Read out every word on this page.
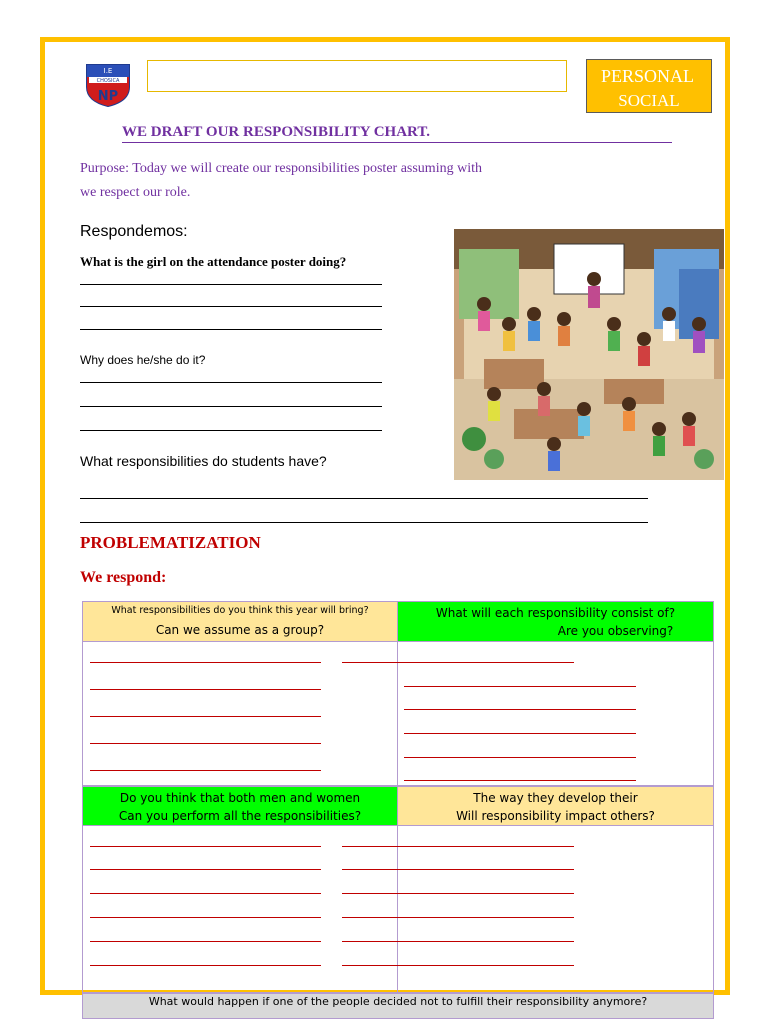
I.E
CHOSICA
NP
PERSONAL
SOCIAL
WE DRAFT OUR RESPONSIBILITY CHART.
Purpose: Today we will create our responsibilities poster assuming with
we respect our role.
Respondemos:
What is the girl on the attendance poster doing?
Why does he/she do it?
What responsibilities do students have?
PROBLEMATIZATION
We respond:
What responsibilities do you think this year will bring?
Can we assume as a group?
What will each responsibility consist of?
Are you observing?
Do you think that both men and women
Can you perform all the responsibilities?
The way they develop their
Will responsibility impact others?
What would happen if one of the people decided not to fulfill their responsibility anymore?
